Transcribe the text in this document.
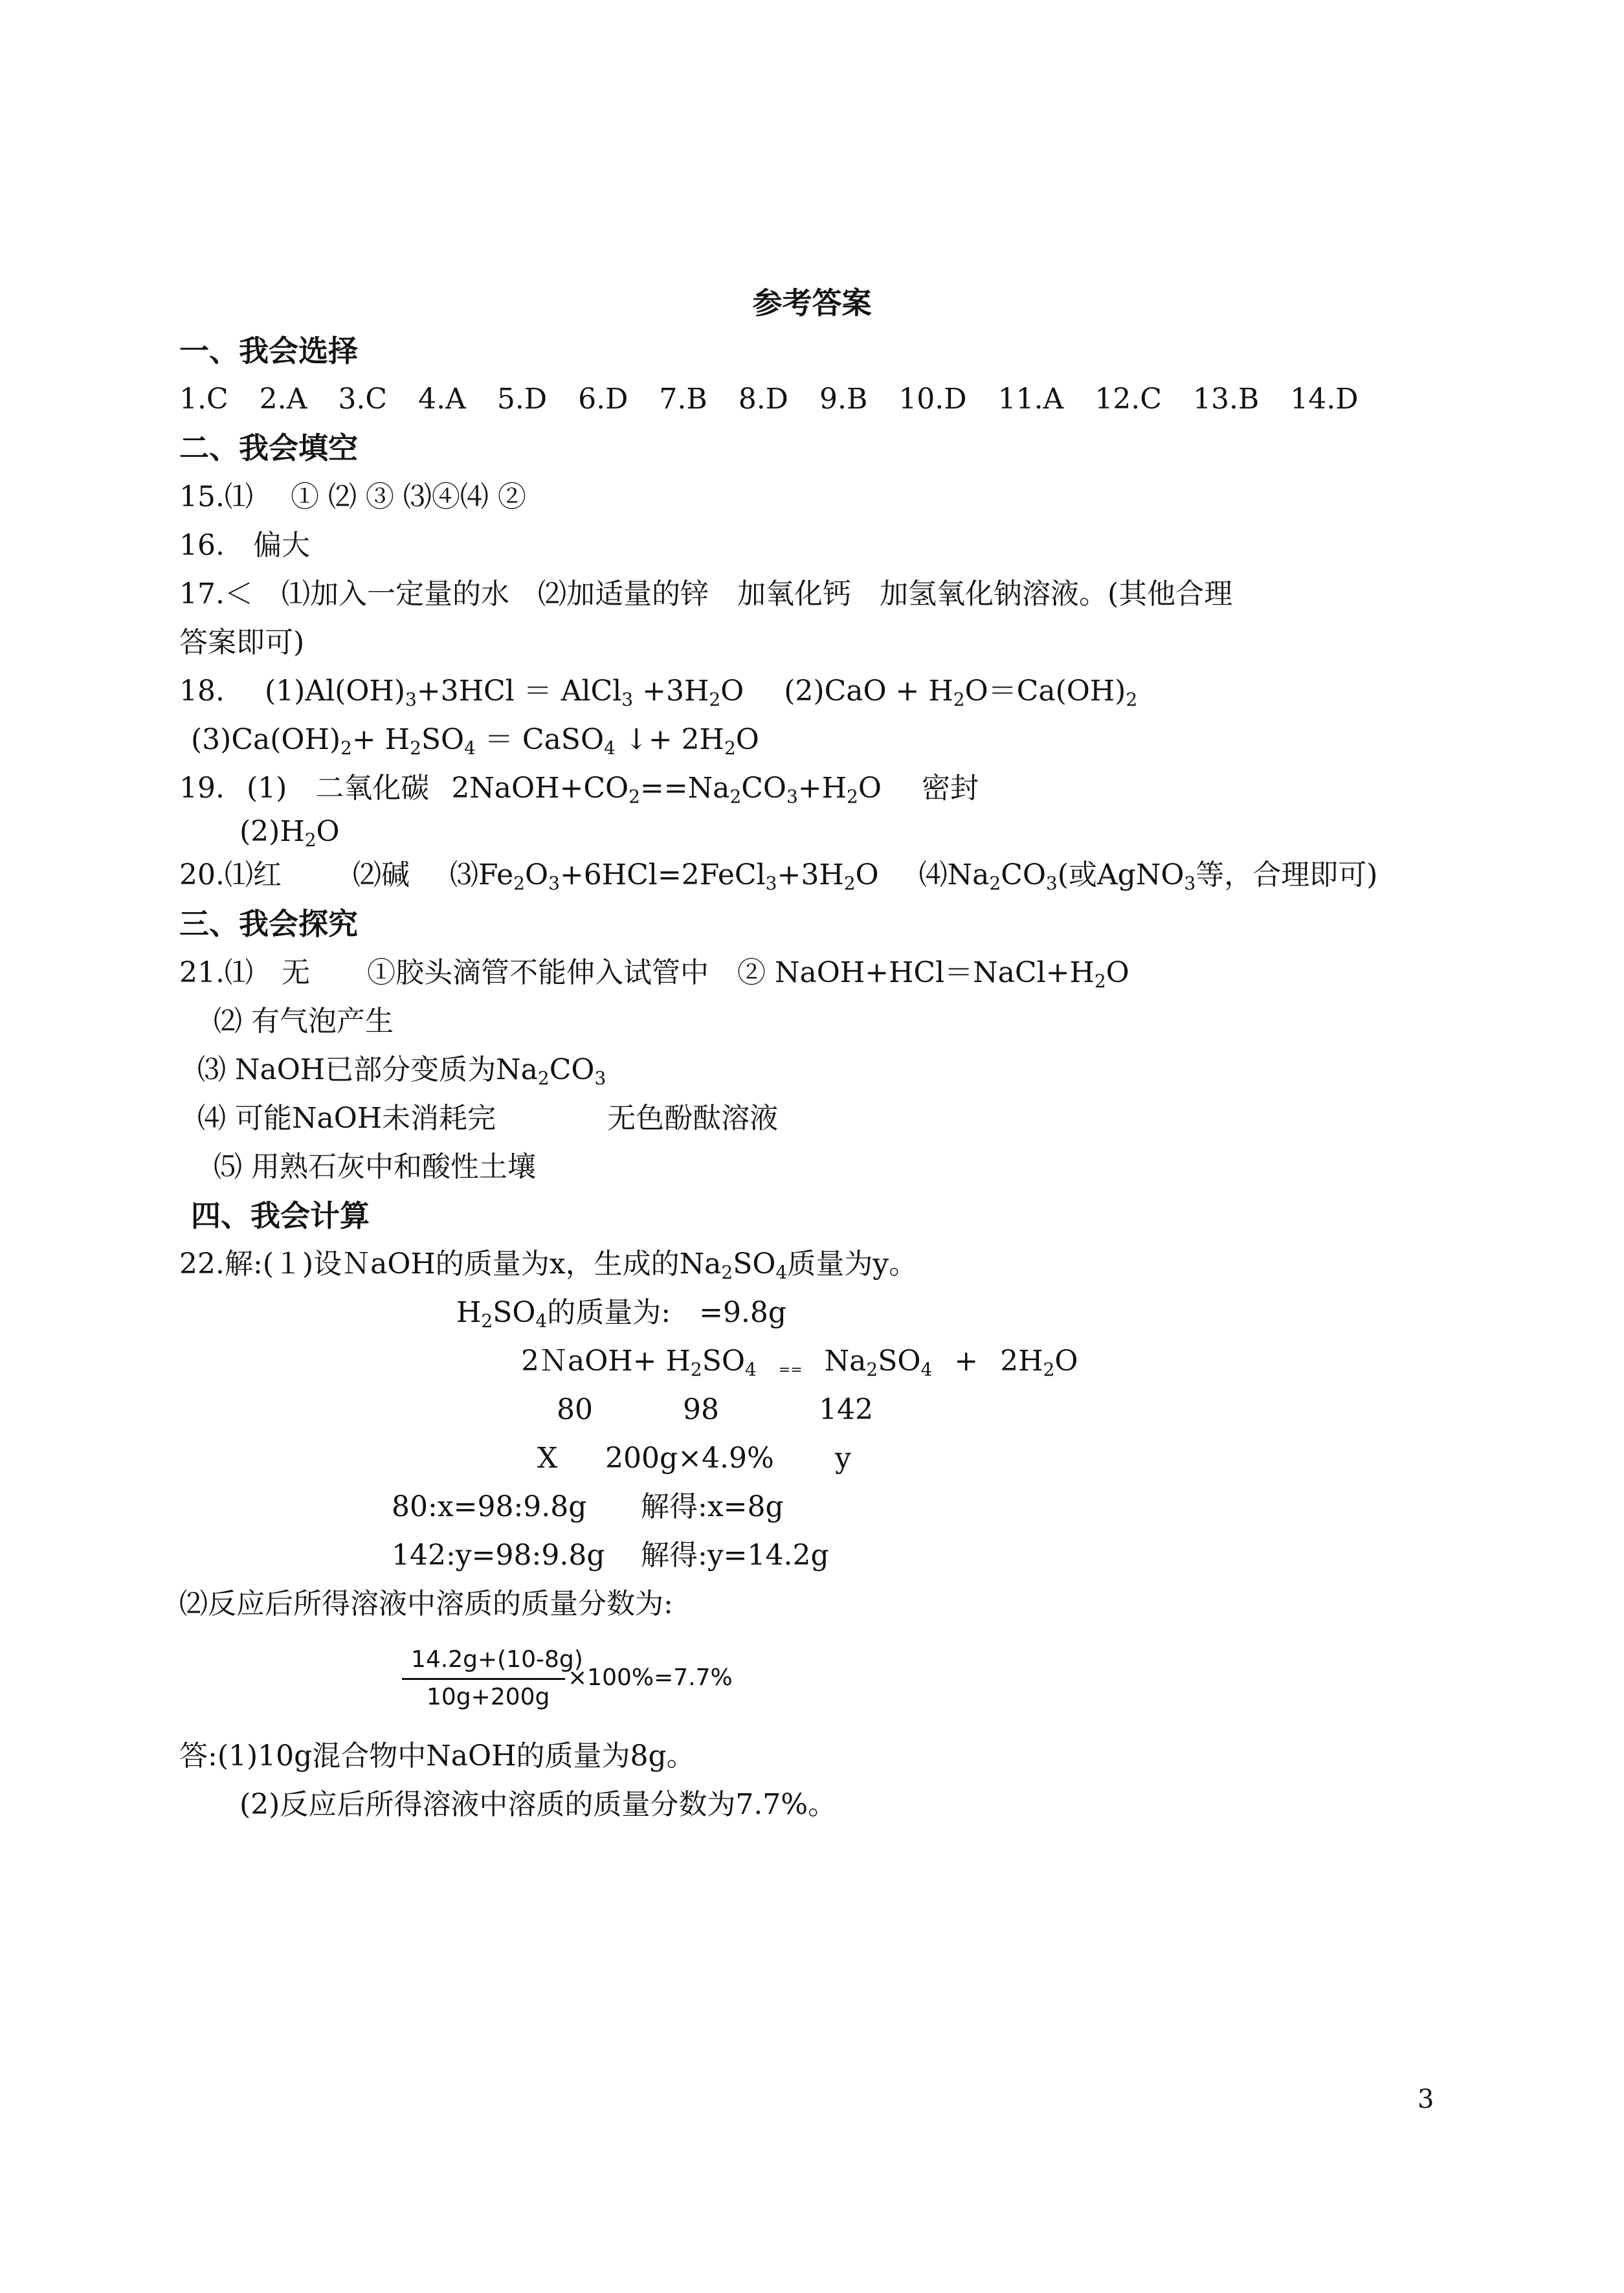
参考答案
一、我会选择
1.C 2.A 3.C 4.A 5.D 6.D 7.B 8.D 9.B 10.D 11.A 12.C 13.B 14.D
二、我会填空
15.⑴　 ① ⑵ ③ ⑶④⑷ ②
16.　偏大
17.＜　⑴加入一定量的水　⑵加适量的锌　加氧化钙　加氢氧化钠溶液。(其他合理
答案即可)
18. $(1)Al(OH)_3+3HCl$ ＝ AlCl$_3$ $+3H_2O$ $(2)CaO + H_2O=Ca(OH)_2$
$(3)Ca(OH)_2+ H_2SO_4$ ＝ CaSO$_4$ ↓+ $2H_2O$
19. (1)　二氧化碳 $2NaOH+CO_2==Na_2CO_3+H_2O$ 密封
$(2)H_2O$
20.⑴红	⑵碱 $⑶Fe_2O_3+6HCl=2FeCl_3+3H_2O$ $⑷Na_2CO_3$(或AgNO$_3$等，合理即可)
三、我会探究
21.⑴　无　　①胶头滴管不能伸入试管中　② $NaOH+HCl=NaCl+H_2O$
⑵ 有气泡产生
⑶ NaOH已部分变质为$Na_2CO_3$
⑷ 可能NaOH未消耗完	无色酚酞溶液
⑸ 用熟石灰中和酸性土壤
四、我会计算
22.解:(１)设ＮaOH的质量为x，生成的$Na_2SO_4$质量为y。
$H_2SO_4$的质量为:　=9.8g
2ＮaOH+ $H_2SO_4 == Na_2SO_4 + 2H_2O$
80	98	142
X 200g×4.9% y
80:x=98:9.8g 解得:x=8g
142:y=98:9.8g 解得:y=14.2g
⑵反应后所得溶液中溶质的质量分数为:
14.2g+(10-8g)
10g+200g
×100%=7.7%
答:(1)10g混合物中NaOH的质量为8g。
(2)反应后所得溶液中溶质的质量分数为7.7%。
3
